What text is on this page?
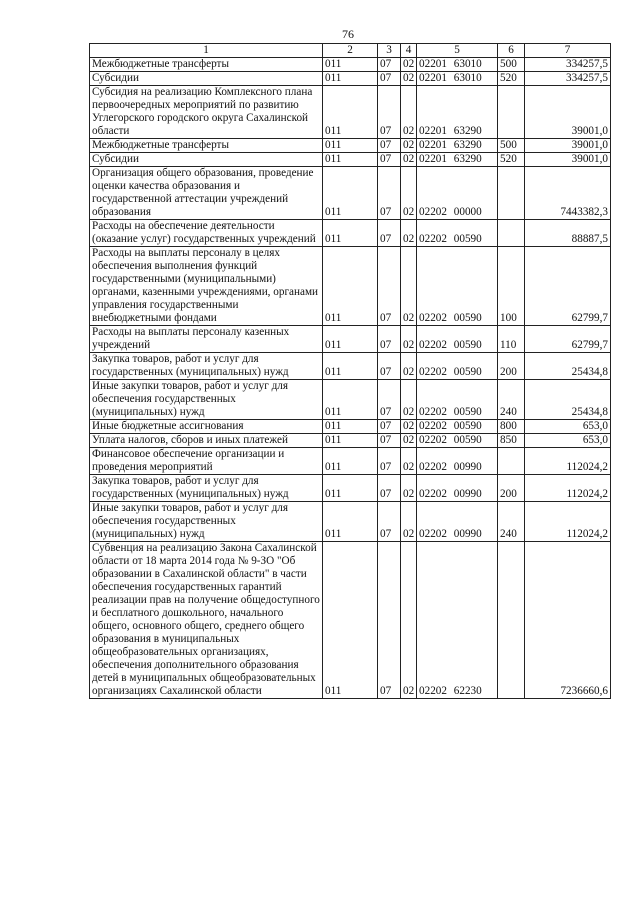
76
1	2	3	4	5	6	7
Межбюджетные трансферты	011	07	02	02201 63010	500	334257,5
Субсидии	011	07	02	02201 63010	520	334257,5
Субсидия на реализацию Комплексного плана первоочередных мероприятий по развитию Углегорского городского округа Сахалинской области	011	07	02	02201 63290		39001,0
Межбюджетные трансферты	011	07	02	02201 63290	500	39001,0
Субсидии	011	07	02	02201 63290	520	39001,0
Организация общего образования, проведение оценки качества образования и государственной аттестации учреждений образования	011	07	02	02202 00000		7443382,3
Расходы на обеспечение деятельности (оказание услуг) государственных учреждений	011	07	02	02202 00590		88887,5
Расходы на выплаты персоналу в целях обеспечения выполнения функций государственными (муниципальными) органами, казенными учреждениями, органами управления государственными внебюджетными фондами	011	07	02	02202 00590	100	62799,7
Расходы на выплаты персоналу казенных учреждений	011	07	02	02202 00590	110	62799,7
Закупка товаров, работ и услуг для государственных (муниципальных) нужд	011	07	02	02202 00590	200	25434,8
Иные закупки товаров, работ и услуг для обеспечения государственных (муниципальных) нужд	011	07	02	02202 00590	240	25434,8
Иные бюджетные ассигнования	011	07	02	02202 00590	800	653,0
Уплата налогов, сборов и иных платежей	011	07	02	02202 00590	850	653,0
Финансовое обеспечение организации и проведения мероприятий	011	07	02	02202 00990		112024,2
Закупка товаров, работ и услуг для государственных (муниципальных) нужд	011	07	02	02202 00990	200	112024,2
Иные закупки товаров, работ и услуг для обеспечения государственных (муниципальных) нужд	011	07	02	02202 00990	240	112024,2
Субвенция на реализацию Закона Сахалинской области от 18 марта 2014 года № 9-ЗО "Об образовании в Сахалинской области" в части обеспечения государственных гарантий реализации прав на получение общедоступного и бесплатного дошкольного, начального общего, основного общего, среднего общего образования в муниципальных общеобразовательных организациях, обеспечения дополнительного образования детей в муниципальных общеобразовательных организациях Сахалинской области	011	07	02	02202 62230		7236660,6
